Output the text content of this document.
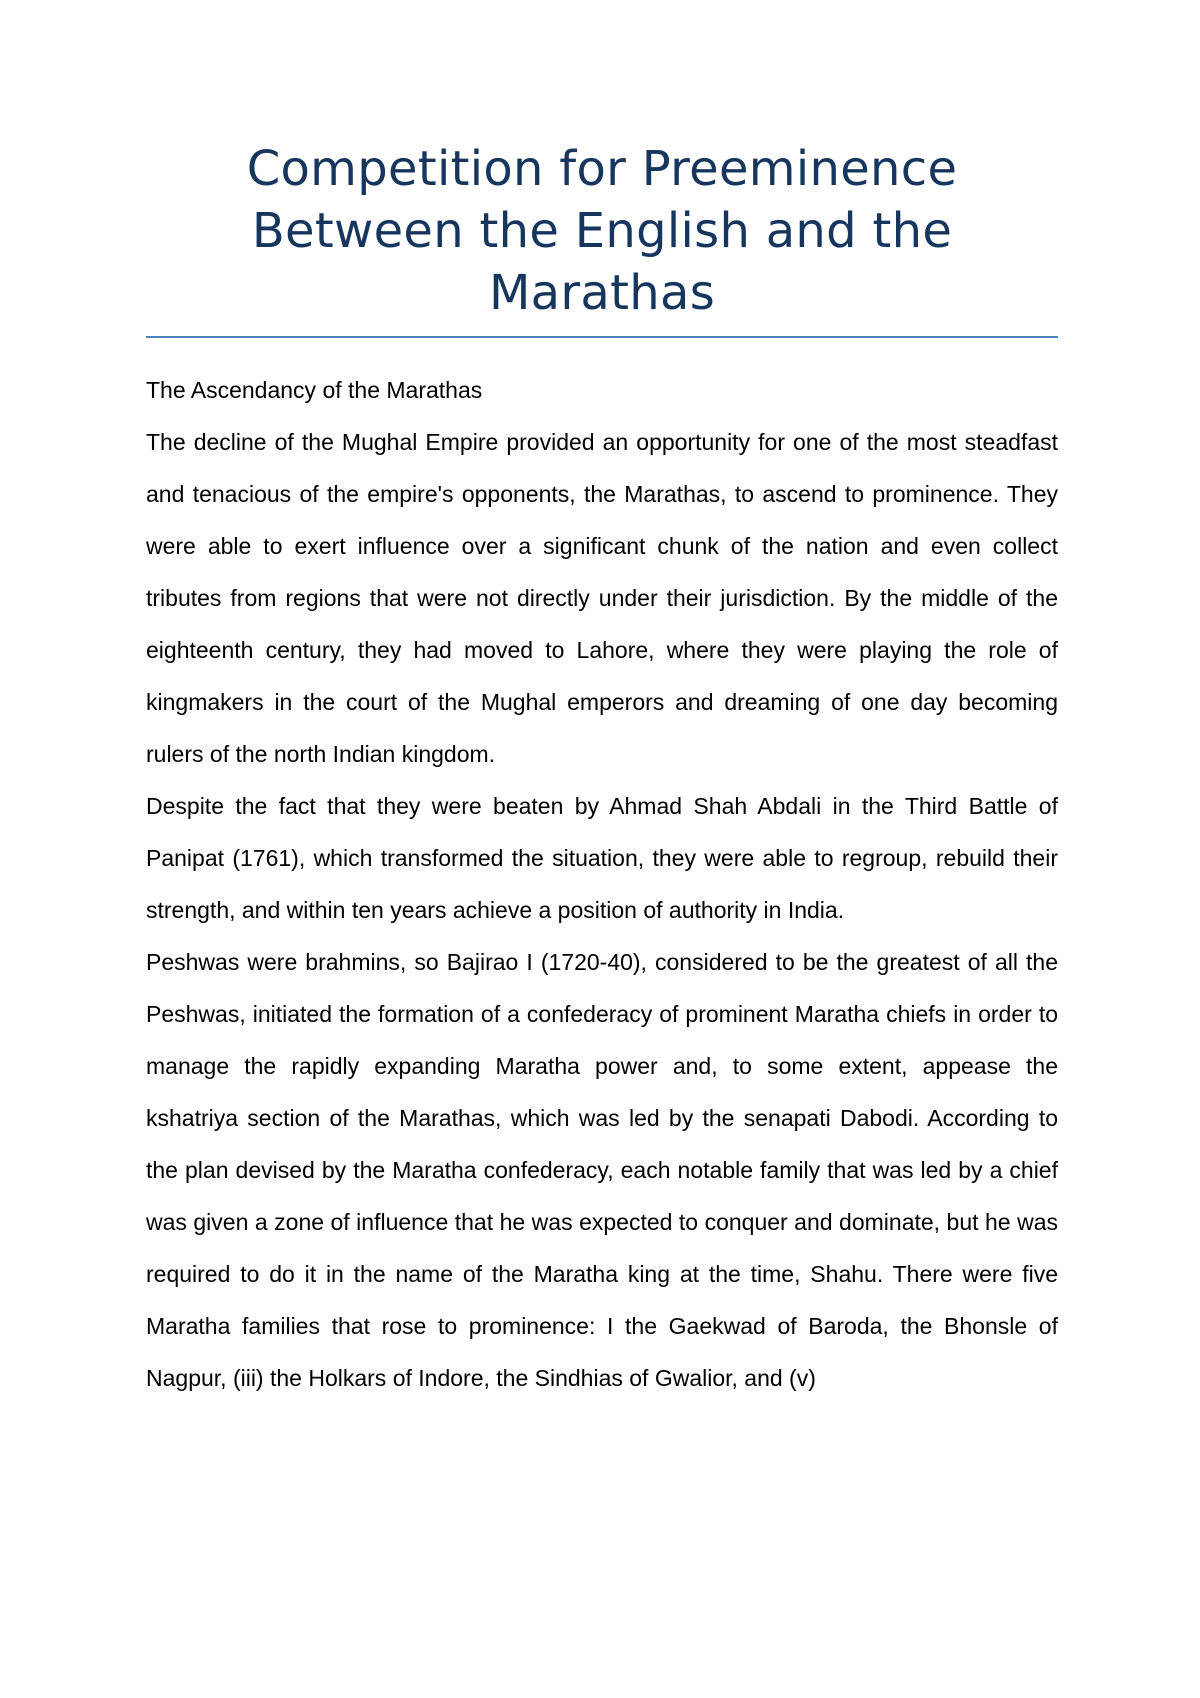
Competition for Preeminence Between the English and the Marathas

The Ascendancy of the Marathas

The decline of the Mughal Empire provided an opportunity for one of the most steadfast and tenacious of the empire's opponents, the Marathas, to ascend to prominence. They were able to exert influence over a significant chunk of the nation and even collect tributes from regions that were not directly under their jurisdiction. By the middle of the eighteenth century, they had moved to Lahore, where they were playing the role of kingmakers in the court of the Mughal emperors and dreaming of one day becoming rulers of the north Indian kingdom.

Despite the fact that they were beaten by Ahmad Shah Abdali in the Third Battle of Panipat (1761), which transformed the situation, they were able to regroup, rebuild their strength, and within ten years achieve a position of authority in India.

Peshwas were brahmins, so Bajirao I (1720-40), considered to be the greatest of all the Peshwas, initiated the formation of a confederacy of prominent Maratha chiefs in order to manage the rapidly expanding Maratha power and, to some extent, appease the kshatriya section of the Marathas, which was led by the senapati Dabodi. According to the plan devised by the Maratha confederacy, each notable family that was led by a chief was given a zone of influence that he was expected to conquer and dominate, but he was required to do it in the name of the Maratha king at the time, Shahu. There were five Maratha families that rose to prominence: I the Gaekwad of Baroda, the Bhonsle of Nagpur, (iii) the Holkars of Indore, the Sindhias of Gwalior, and (v)
